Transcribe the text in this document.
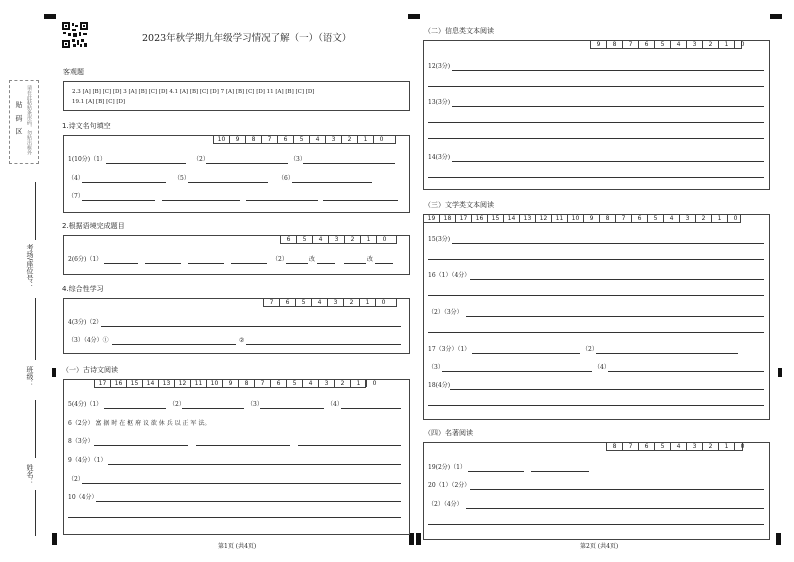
2023年秋学期九年级学习情况了解（一）（语文）
贴 码 区 请在此粘贴条形码，勿贴出框外
考场/座位号：
班级：
姓名：
客观题
2.3 [A] [B] [C] [D] 3 [A] [B] [C] [D] 4.1 [A] [B] [C] [D] 7 [A] [B] [C] [D] 11 [A] [B] [C] [D]
19.1 [A] [B] [C] [D]
1.诗文名句填空
10	9	8	7	6	5	4	3	2	1	0
1(10分)（1）	（2）	（3）
（4）	（5）	（6）
（7）
2.根据语境完成题目
6	5	4	3	2	1	0
2(6分)（1）	（2）	改	改
4.综合性学习
7	6	5	4	3	2	1	0
4(3分)（2）
（3）（4分）①	②
（一）古诗文阅读
17	16	15	14	13	12	11	10	9	8	7	6	5	4	3	2	1	0
5(4分)（1）	（2）	（3）	（4）
6（2分） 富 据 时 在 枢 府 议 欲 休 兵 以 正 军 法。
8（3分）
9（4分）（1）
（2）
10（4分）
第1页 (共4页)
（二）信息类文本阅读
9	8	7	6	5	4	3	2	1	0
12(3分)
13(3分)
14(3分)
（三）文学类文本阅读
19	18	17	16	15	14	13	12	11	10	9	8	7	6	5	4	3	2	1	0
15(3分)
16（1）（4分）
（2）（3分）
17（3分）（1）	（2）
（3）	（4）
18(4分)
（四）名著阅读
8	7	6	5	4	3	2	1	0
19(2分)（1）
20（1）（2分）
（2）（4分）
第2页 (共4页)
